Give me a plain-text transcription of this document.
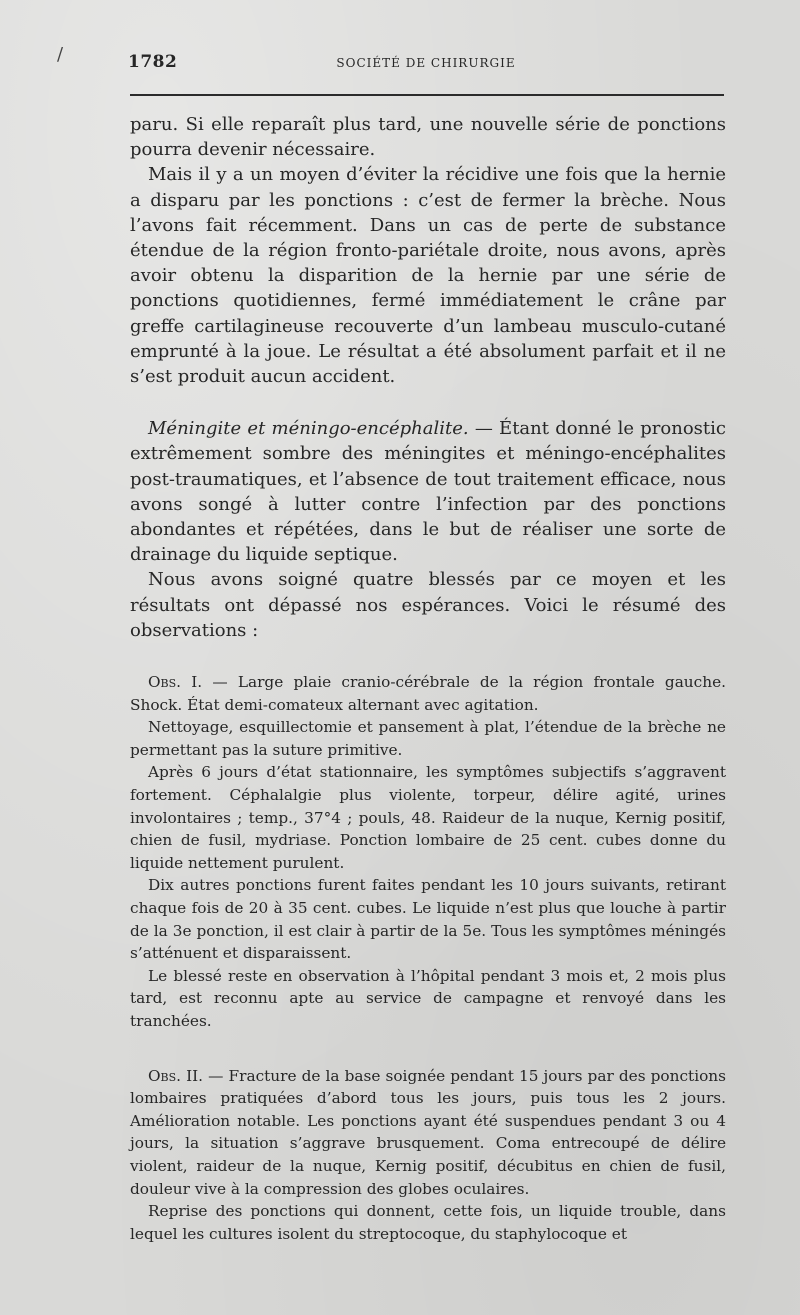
/	1782	SOCIÉTÉ DE CHIRURGIE

paru. Si elle reparaît plus tard, une nouvelle série de ponctions pourra devenir nécessaire.

Mais il y a un moyen d’éviter la récidive une fois que la hernie a disparu par les ponctions : c’est de fermer la brèche. Nous l’avons fait récemment. Dans un cas de perte de substance étendue de la région fronto-pariétale droite, nous avons, après avoir obtenu la disparition de la hernie par une série de ponctions quotidiennes, fermé immédiatement le crâne par greffe cartilagineuse recouverte d’un lambeau musculo-cutané emprunté à la joue. Le résultat a été absolument parfait et il ne s’est produit aucun accident.

Méningite et méningo-encéphalite. — Étant donné le pronostic extrêmement sombre des méningites et méningo-encéphalites post-traumatiques, et l’absence de tout traitement efficace, nous avons songé à lutter contre l’infection par des ponctions abondantes et répétées, dans le but de réaliser une sorte de drainage du liquide septique.

Nous avons soigné quatre blessés par ce moyen et les résultats ont dépassé nos espérances. Voici le résumé des observations :

Obs. I. — Large plaie cranio-cérébrale de la région frontale gauche. Shock. État demi-comateux alternant avec agitation.

Nettoyage, esquillectomie et pansement à plat, l’étendue de la brèche ne permettant pas la suture primitive.

Après 6 jours d’état stationnaire, les symptômes subjectifs s’aggravent fortement. Céphalalgie plus violente, torpeur, délire agité, urines involontaires ; temp., 37°4 ; pouls, 48. Raideur de la nuque, Kernig positif, chien de fusil, mydriase. Ponction lombaire de 25 cent. cubes donne du liquide nettement purulent.

Dix autres ponctions furent faites pendant les 10 jours suivants, retirant chaque fois de 20 à 35 cent. cubes. Le liquide n’est plus que louche à partir de la 3e ponction, il est clair à partir de la 5e. Tous les symptômes méningés s’atténuent et disparaissent.

Le blessé reste en observation à l’hôpital pendant 3 mois et, 2 mois plus tard, est reconnu apte au service de campagne et renvoyé dans les tranchées.

Obs. II. — Fracture de la base soignée pendant 15 jours par des ponctions lombaires pratiquées d’abord tous les jours, puis tous les 2 jours. Amélioration notable. Les ponctions ayant été suspendues pendant 3 ou 4 jours, la situation s’aggrave brusquement. Coma entrecoupé de délire violent, raideur de la nuque, Kernig positif, décubitus en chien de fusil, douleur vive à la compression des globes oculaires.

Reprise des ponctions qui donnent, cette fois, un liquide trouble, dans lequel les cultures isolent du streptocoque, du staphylocoque et
